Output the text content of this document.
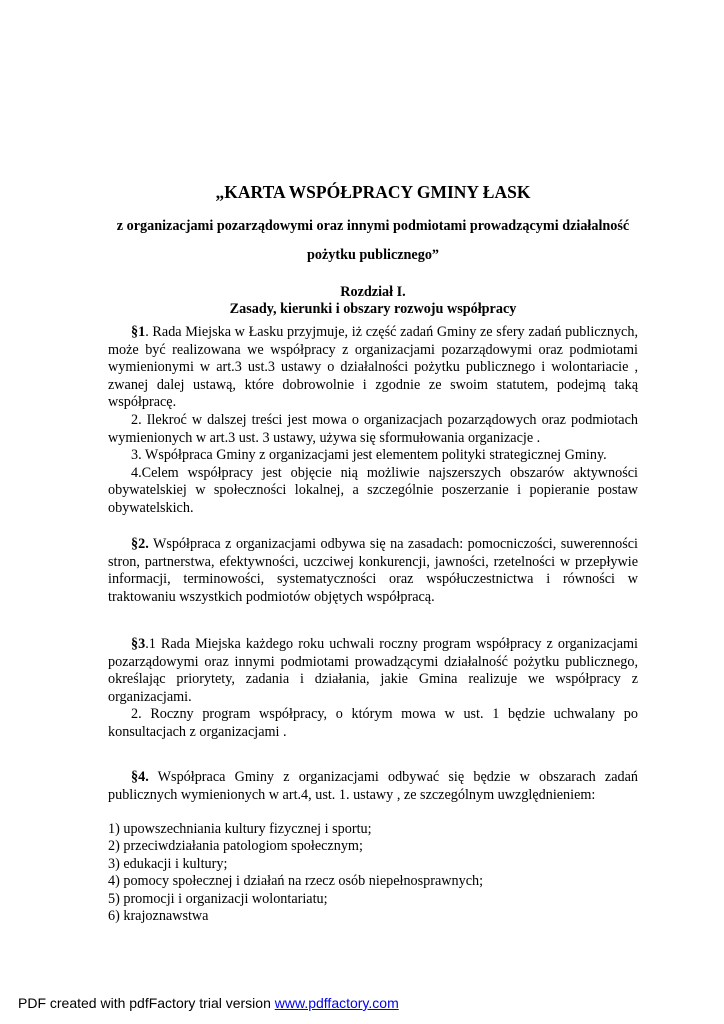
„KARTA WSPÓŁPRACY GMINY ŁASK
z organizacjami pozarządowymi oraz innymi podmiotami prowadzącymi działalność
pożytku publicznego”
Rozdział I.
Zasady, kierunki i obszary rozwoju współpracy

§1. Rada Miejska w Łasku przyjmuje, iż część zadań Gminy ze sfery zadań publicznych, może być realizowana we współpracy z organizacjami pozarządowymi oraz podmiotami wymienionymi w art.3 ust.3 ustawy o działalności pożytku publicznego i wolontariacie , zwanej dalej ustawą, które dobrowolnie i zgodnie ze swoim statutem, podejmą taką współpracę.

2. Ilekroć w dalszej treści jest mowa o organizacjach pozarządowych oraz podmiotach wymienionych w art.3 ust. 3 ustawy, używa się sformułowania organizacje .

3. Współpraca Gminy z organizacjami jest elementem polityki strategicznej Gminy.

4.Celem współpracy jest objęcie nią możliwie najszerszych obszarów aktywności obywatelskiej w społeczności lokalnej, a szczególnie poszerzanie i popieranie postaw obywatelskich.

§2. Współpraca z organizacjami odbywa się na zasadach: pomocniczości, suwerenności stron, partnerstwa, efektywności, uczciwej konkurencji, jawności, rzetelności w przepływie informacji, terminowości, systematyczności oraz współuczestnictwa i równości w traktowaniu wszystkich podmiotów objętych współpracą.

§3.1 Rada Miejska każdego roku uchwali roczny program współpracy z organizacjami pozarządowymi oraz innymi podmiotami prowadzącymi działalność pożytku publicznego, określając priorytety, zadania i działania, jakie Gmina realizuje we współpracy z organizacjami.

2. Roczny program współpracy, o którym mowa w ust. 1 będzie uchwalany po konsultacjach z organizacjami .

§4. Współpraca Gminy z organizacjami odbywać się będzie w obszarach zadań publicznych wymienionych w art.4, ust. 1. ustawy , ze szczególnym uwzględnieniem:

1) upowszechniania kultury fizycznej i sportu;
2) przeciwdziałania patologiom społecznym;
3) edukacji i kultury;
4) pomocy społecznej i działań na rzecz osób niepełnosprawnych;
5) promocji i organizacji wolontariatu;
6) krajoznawstwa
PDF created with pdfFactory trial version www.pdffactory.com
